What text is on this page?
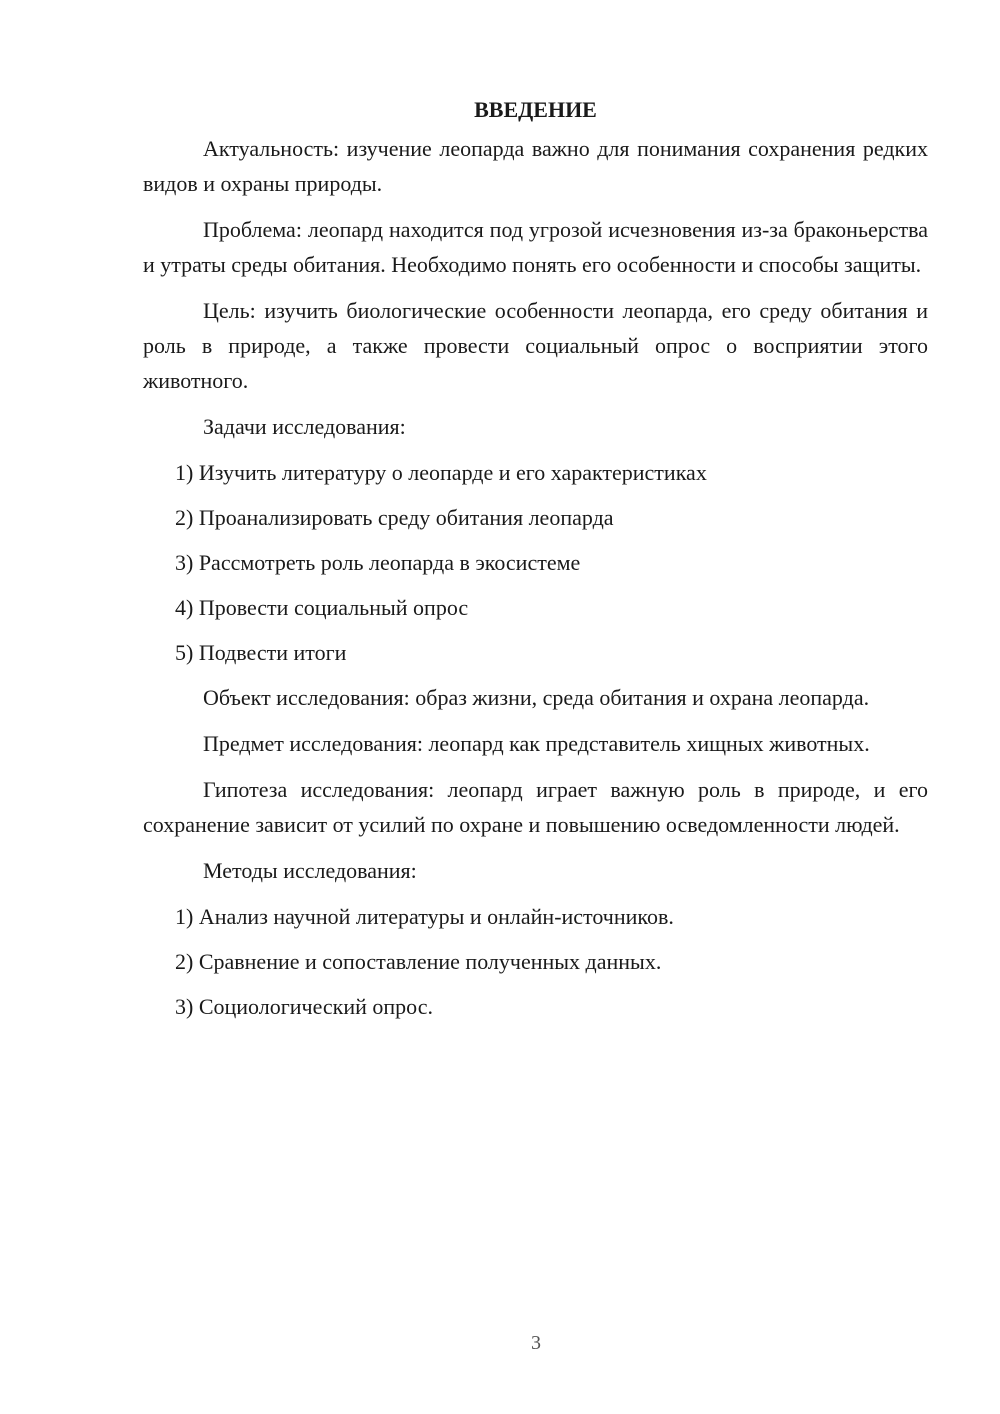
ВВЕДЕНИЕ

Актуальность: изучение леопарда важно для понимания сохранения редких видов и охраны природы.

Проблема: леопард находится под угрозой исчезновения из-за браконьерства и утраты среды обитания. Необходимо понять его особенности и способы защиты.

Цель: изучить биологические особенности леопарда, его среду обитания и роль в природе, а также провести социальный опрос о восприятии этого животного.

Задачи исследования:

1) Изучить литературу о леопарде и его характеристиках
2) Проанализировать среду обитания леопарда
3) Рассмотреть роль леопарда в экосистеме
4) Провести социальный опрос
5) Подвести итоги

Объект исследования: образ жизни, среда обитания и охрана леопарда.

Предмет исследования: леопард как представитель хищных животных.

Гипотеза исследования: леопард играет важную роль в природе, и его сохранение зависит от усилий по охране и повышению осведомленности людей.

Методы исследования:

1) Анализ научной литературы и онлайн-источников.
2) Сравнение и сопоставление полученных данных.
3) Социологический опрос.
3
